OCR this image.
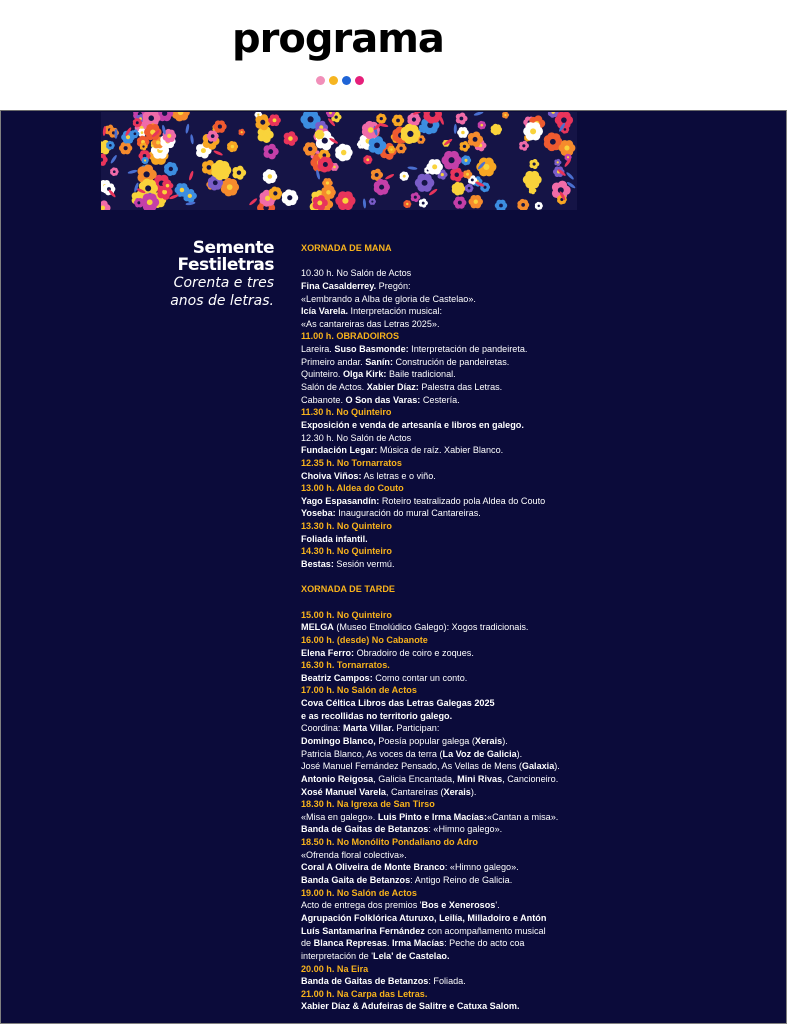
programa
Semente
Festiletras
Corenta e tres
anos de letras.
XORNADA DE MANA
10.30 h. No Salón de Actos
Fina Casalderrey. Pregón:
«Lembrando a Alba de gloria de Castelao».
Icía Varela. Interpretación musical:
«As cantareiras das Letras 2025».
11.00 h. OBRADOIROS
Lareira. Suso Basmonde: Interpretación de pandeireta.
Primeiro andar. Sanín: Construción de pandeiretas.
Quinteiro. Olga Kirk: Baile tradicional.
Salón de Actos. Xabier Díaz: Palestra das Letras.
Cabanote. O Son das Varas: Cestería.
11.30 h. No Quinteiro
Exposición e venda de artesanía e libros en galego.
12.30 h. No Salón de Actos
Fundación Legar: Música de raíz. Xabier Blanco.
12.35 h. No Tornarratos
Choiva Viños: As letras e o viño.
13.00 h. Aldea do Couto
Yago Espasandín: Roteiro teatralizado pola Aldea do Couto
Yoseba: Inauguración do mural Cantareiras.
13.30 h. No Quinteiro
Foliada infantil.
14.30 h. No Quinteiro
Bestas: Sesión vermú.
XORNADA DE TARDE
15.00 h. No Quinteiro
MELGA (Museo Etnolúdico Galego): Xogos tradicionais.
16.00 h. (desde) No Cabanote
Elena Ferro: Obradoiro de coiro e zoques.
16.30 h. Tornarratos.
Beatriz Campos: Como contar un conto.
17.00 h. No Salón de Actos
Cova Céltica Libros das Letras Galegas 2025
e as recollidas no territorio galego.
Coordina: Marta Villar. Participan:
Domingo Blanco, Poesía popular galega (Xerais).
Patricia Blanco, As voces da terra (La Voz de Galicia).
José Manuel Fernández Pensado, As Vellas de Mens (Galaxia).
Antonio Reigosa, Galicia Encantada, Mini Rivas, Cancioneiro.
Xosé Manuel Varela, Cantareiras (Xerais).
18.30 h. Na Igrexa de San Tirso
«Misa en galego». Luis Pinto e Irma Macías:«Cantan a misa».
Banda de Gaitas de Betanzos: «Himno galego».
18.50 h. No Monólito Pondaliano do Adro
«Ofrenda floral colectiva».
Coral A Oliveira de Monte Branco: «Himno galego».
Banda Gaita de Betanzos: Antigo Reino de Galicia.
19.00 h. No Salón de Actos
Acto de entrega dos premios 'Bos e Xenerosos'.
Agrupación Folklórica Aturuxo, Leilía, Milladoiro e Antón
Luís Santamarina Fernández con acompañamento musical
de Blanca Represas. Irma Macías: Peche do acto coa
interpretación de 'Lela' de Castelao.
20.00 h. Na Eira
Banda de Gaitas de Betanzos: Foliada.
21.00 h. Na Carpa das Letras.
Xabier Díaz & Adufeiras de Salitre e Catuxa Salom.
